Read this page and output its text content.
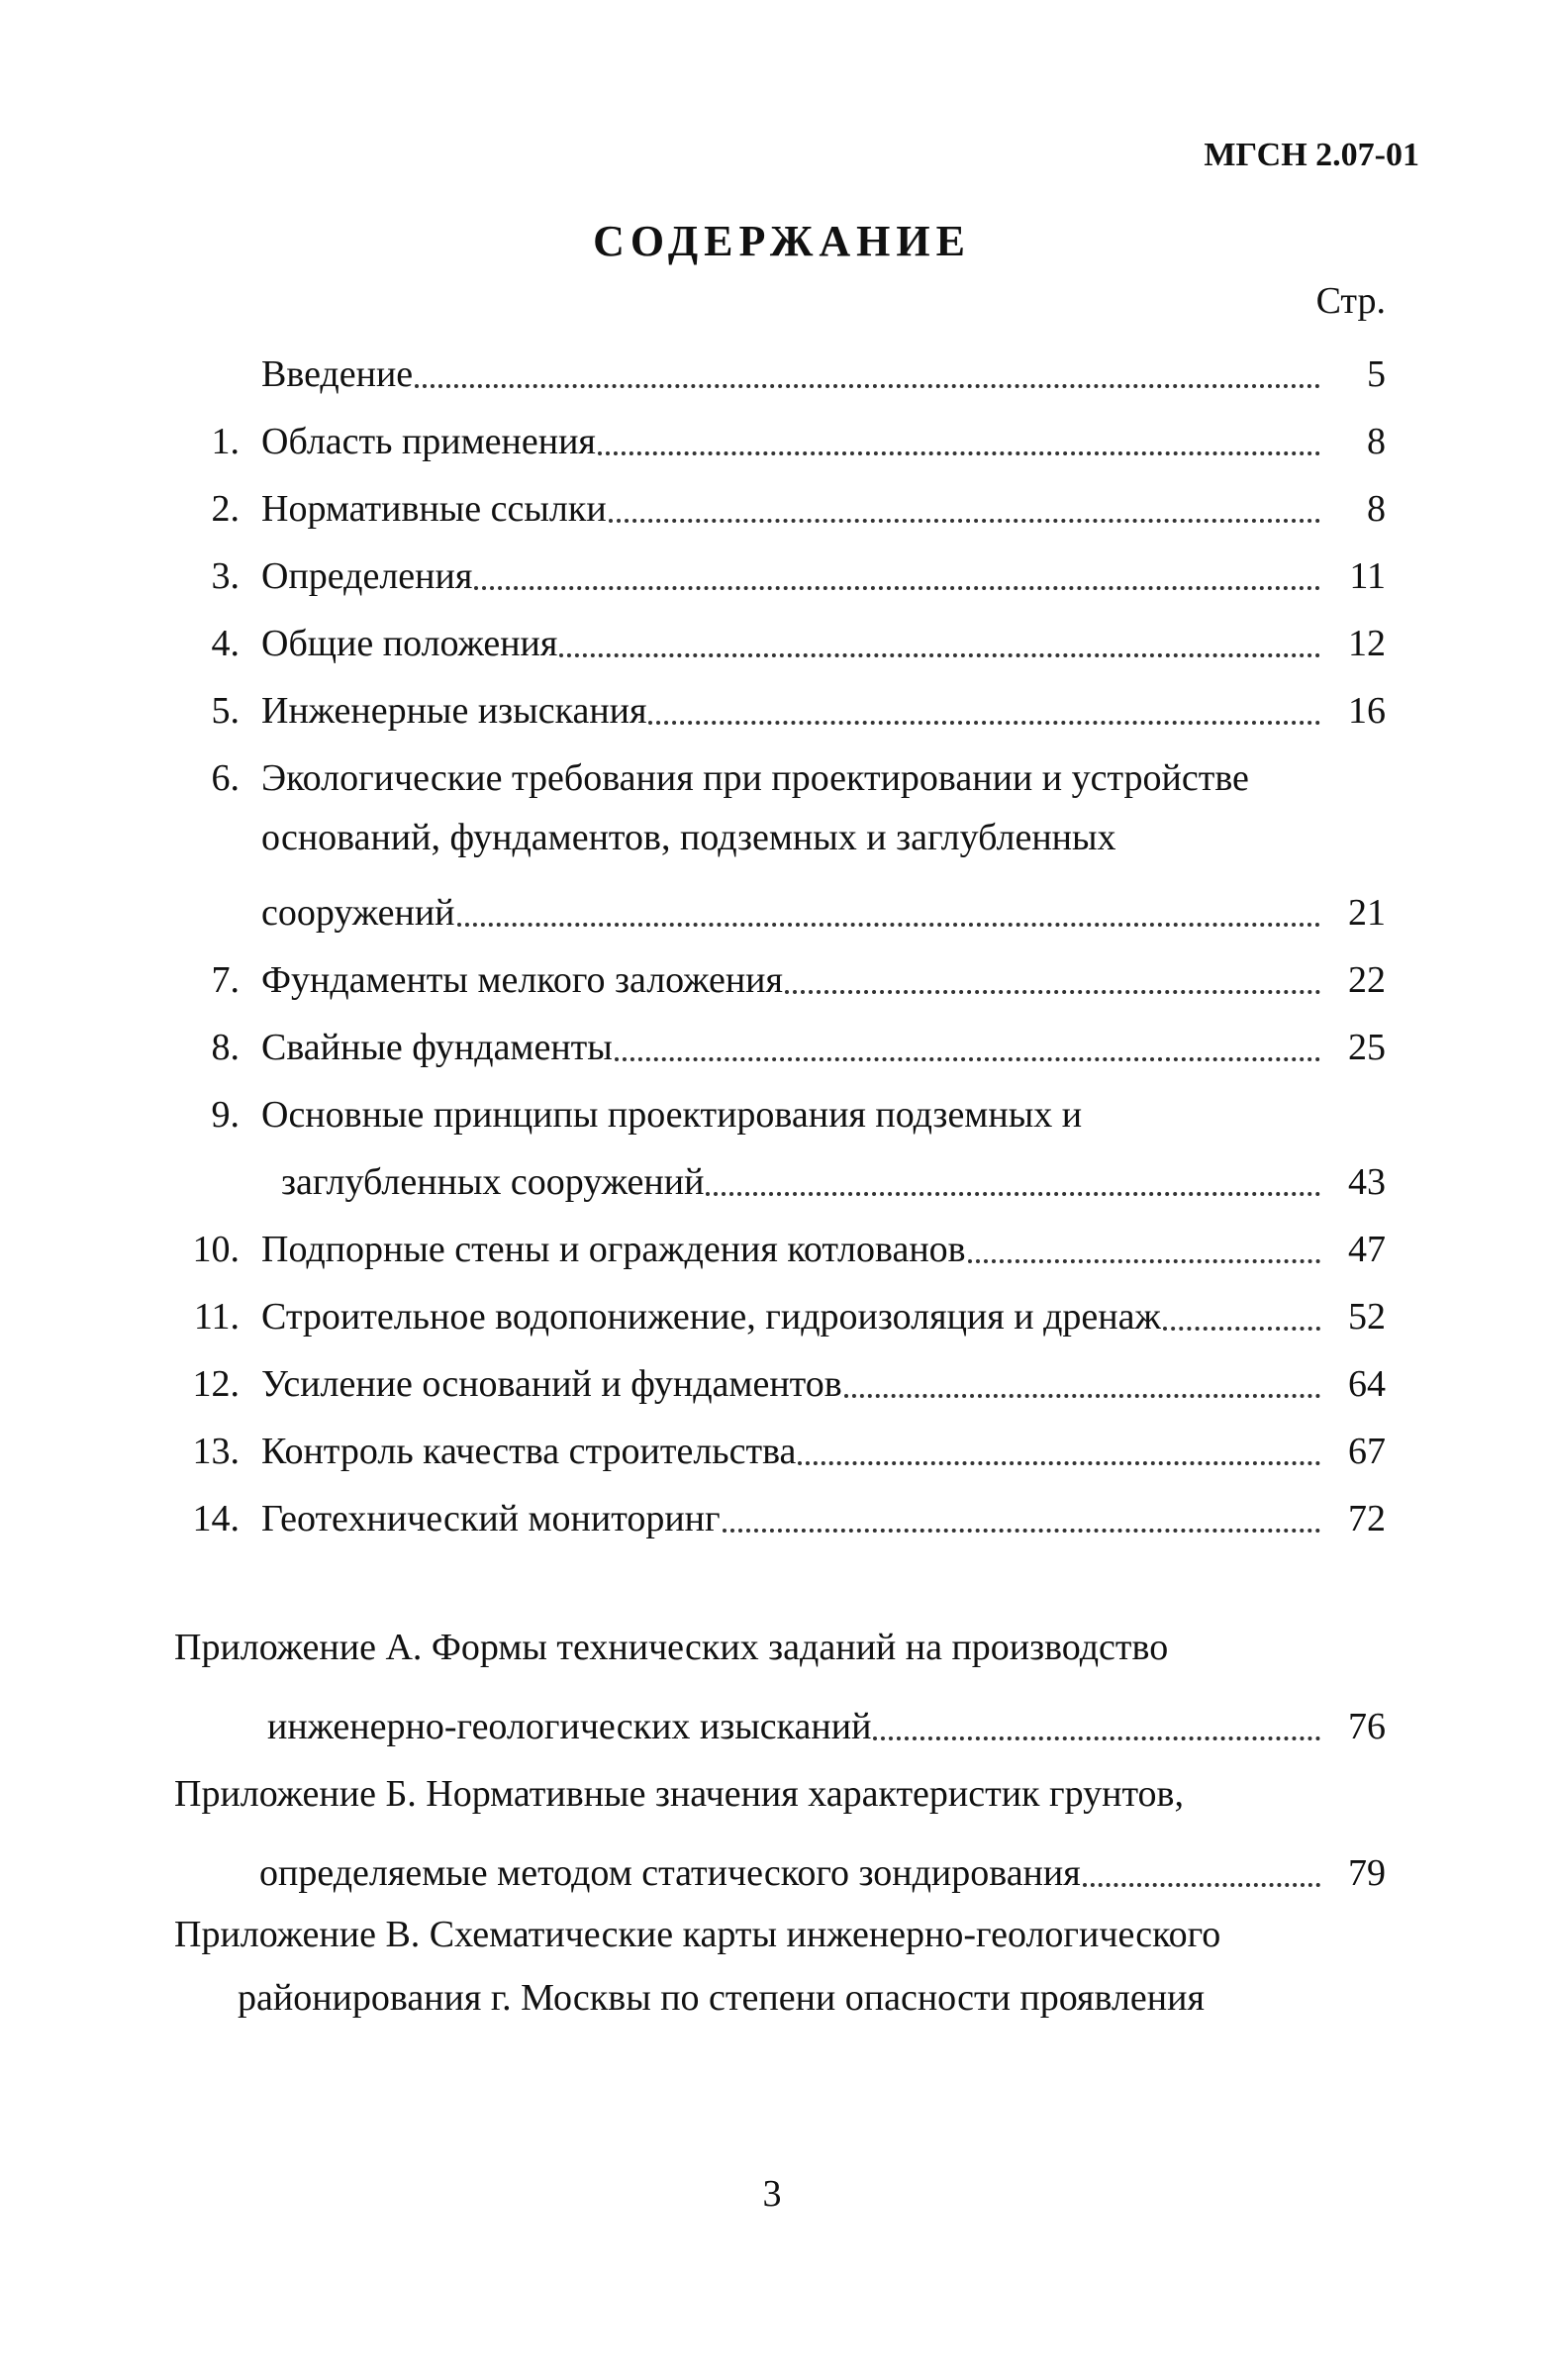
МГСН 2.07-01
СОДЕРЖАНИЕ
Стр.
Введение	5
1. Область применения	8
2. Нормативные ссылки	8
3. Определения	11
4. Общие положения	12
5. Инженерные изыскания	16
6. Экологические требования при проектировании и устройстве
оснований, фундаментов, подземных и заглубленных
сооружений	21
7. Фундаменты мелкого заложения	22
8. Свайные фундаменты	25
9. Основные принципы проектирования подземных и
заглубленных сооружений	43
10. Подпорные стены и ограждения котлованов	47
11. Строительное водопонижение, гидроизоляция и дренаж	52
12. Усиление оснований и фундаментов	64
13. Контроль качества строительства	67
14. Геотехнический мониторинг	72
Приложение А. Формы технических заданий на производство
инженерно-геологических изысканий	76
Приложение Б. Нормативные значения характеристик грунтов,
определяемые методом статического зондирования	79
Приложение В. Схематические карты инженерно-геологического
районирования г. Москвы по степени опасности проявления
3
